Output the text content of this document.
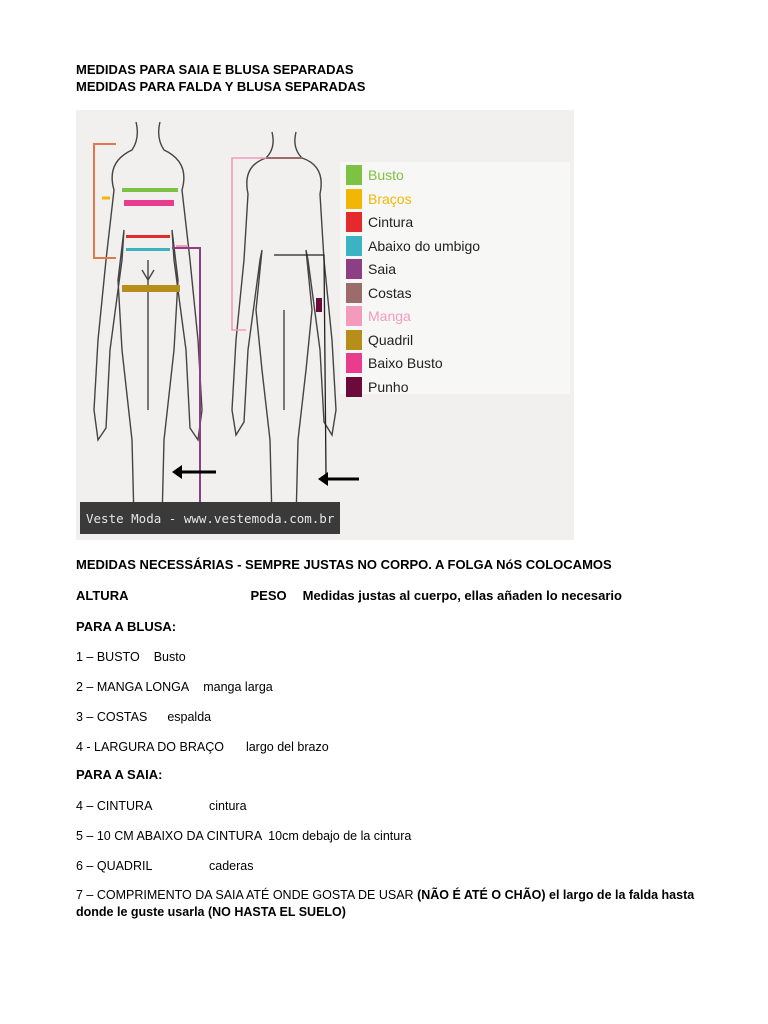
MEDIDAS PARA SAIA E BLUSA SEPARADAS
MEDIDAS PARA FALDA Y BLUSA SEPARADAS
Busto
Braços
Cintura
Abaixo do umbigo
Saia
Costas
Manga
Quadril
Baixo Busto
Punho
Veste Moda - www.vestemoda.com.br
MEDIDAS NECESSÁRIAS - SEMPRE JUSTAS NO CORPO. A FOLGA NóS COLOCAMOS
ALTURA	PESO Medidas justas al cuerpo, ellas añaden lo necesario
PARA A BLUSA:
1 – BUSTO Busto
2 – MANGA LONGA manga larga
3 – COSTAS espalda
4 - LARGURA DO BRAÇO largo del brazo
PARA A SAIA:
4 – CINTURA	cintura
5 – 10 CM ABAIXO DA CINTURA 10cm debajo de la cintura
6 – QUADRIL	caderas
7 – COMPRIMENTO DA SAIA ATÉ ONDE GOSTA DE USAR (NÃO É ATÉ O CHÃO) el largo de la falda hasta donde le guste usarla (NO HASTA EL SUELO)
